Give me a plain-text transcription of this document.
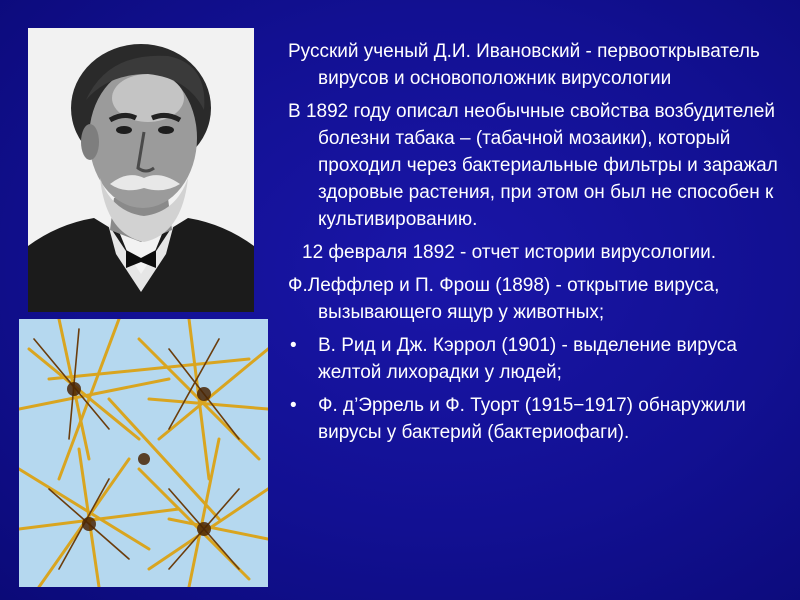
Русский ученый Д.И. Ивановский - первооткрыватель вирусов и основоположник вирусологии

В 1892 году описал необычные свойства возбудителей болезни табака – (табачной мозаики), который проходил через бактериальные фильтры и заражал здоровые растения, при этом он был не способен к культивированию.

12 февраля 1892 - отчет истории вирусологии.

Ф.Леффлер и П. Фрош (1898) - открытие вируса, вызывающего ящур у животных;

• В. Рид и Дж. Кэррол (1901) - выделение вируса желтой лихорадки у людей;
• Ф. д’Эррель и Ф. Туорт (1915−1917) обнаружили вирусы у бактерий (бактериофаги).
